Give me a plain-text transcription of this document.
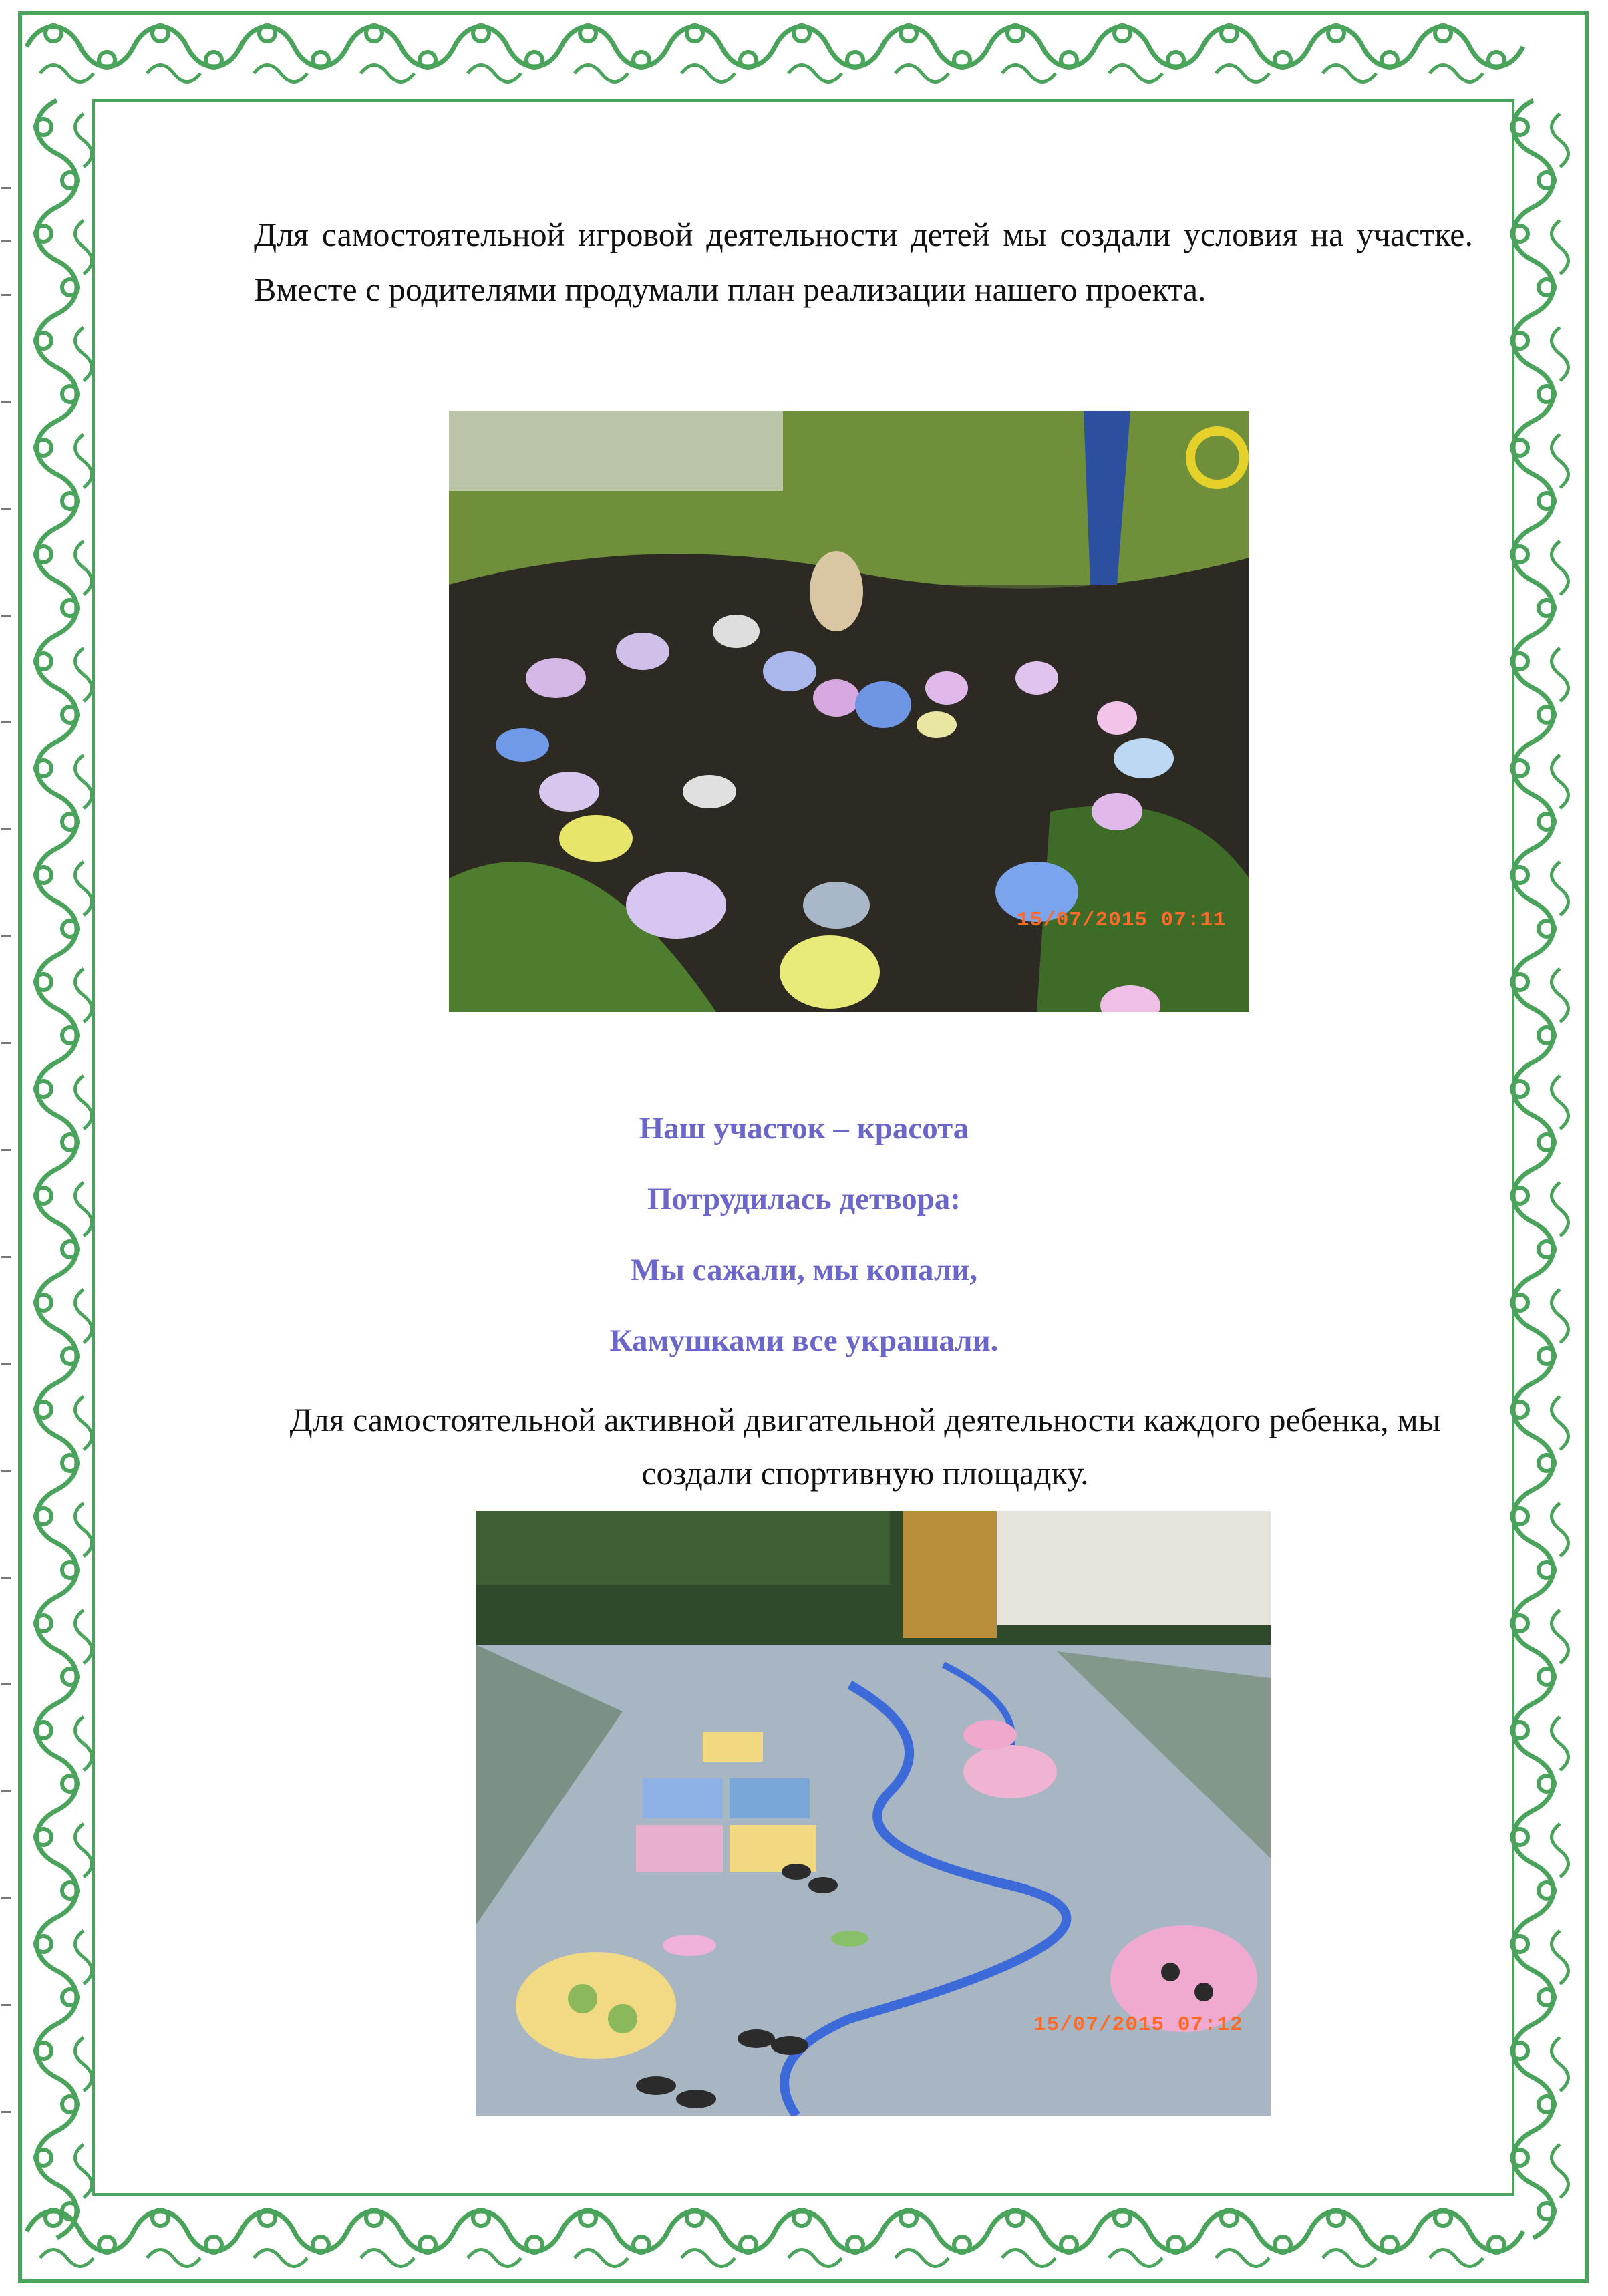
Для самостоятельной игровой деятельности детей мы создали условия на участке. Вместе с родителями продумали план реализации нашего проекта.
15/07/2015 07:11
Наш участок – красота
Потрудилась детвора:
Мы сажали, мы копали,
Камушками все украшали.
Для самостоятельной активной двигательной деятельности каждого ребенка, мы создали спортивную площадку.
15/07/2015 07:12
